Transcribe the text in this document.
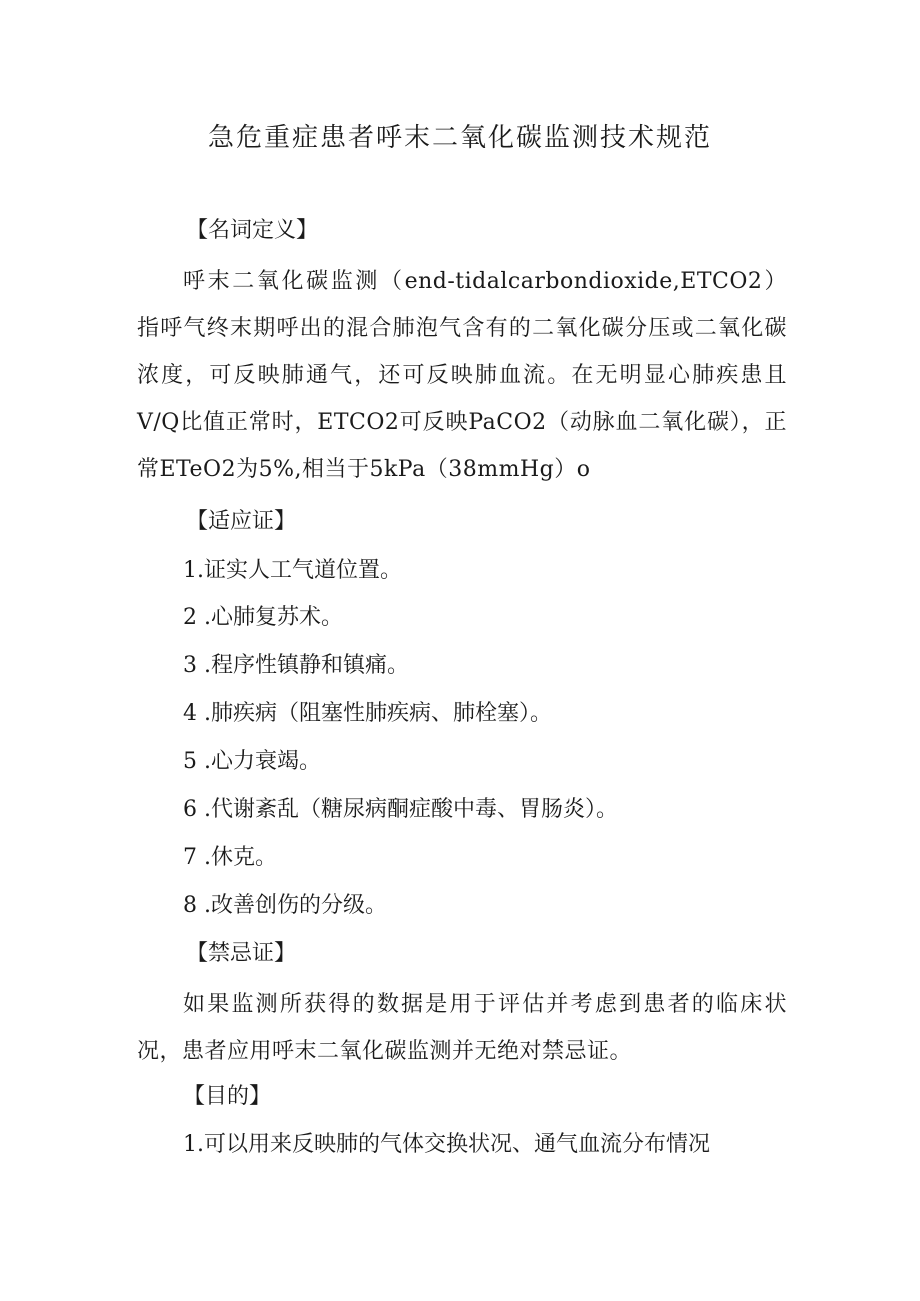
急危重症患者呼末二氧化碳监测技术规范
【名词定义】
呼末二氧化碳监测（end-tidalcarbondioxide,ETCO2）指呼气终末期呼出的混合肺泡气含有的二氧化碳分压或二氧化碳浓度，可反映肺通气，还可反映肺血流。在无明显心肺疾患且V/Q比值正常时，ETCO2可反映PaCO2（动脉血二氧化碳），正常ETeO2为5%,相当于5kPa（38mmHg）o
【适应证】
1.证实人工气道位置。
2 .心肺复苏术。
3 .程序性镇静和镇痛。
4 .肺疾病（阻塞性肺疾病、肺栓塞）。
5 .心力衰竭。
6 .代谢紊乱（糖尿病酮症酸中毒、胃肠炎）。
7 .休克。
8 .改善创伤的分级。
【禁忌证】
如果监测所获得的数据是用于评估并考虑到患者的临床状况，患者应用呼末二氧化碳监测并无绝对禁忌证。
【目的】
1.可以用来反映肺的气体交换状况、通气血流分布情况
